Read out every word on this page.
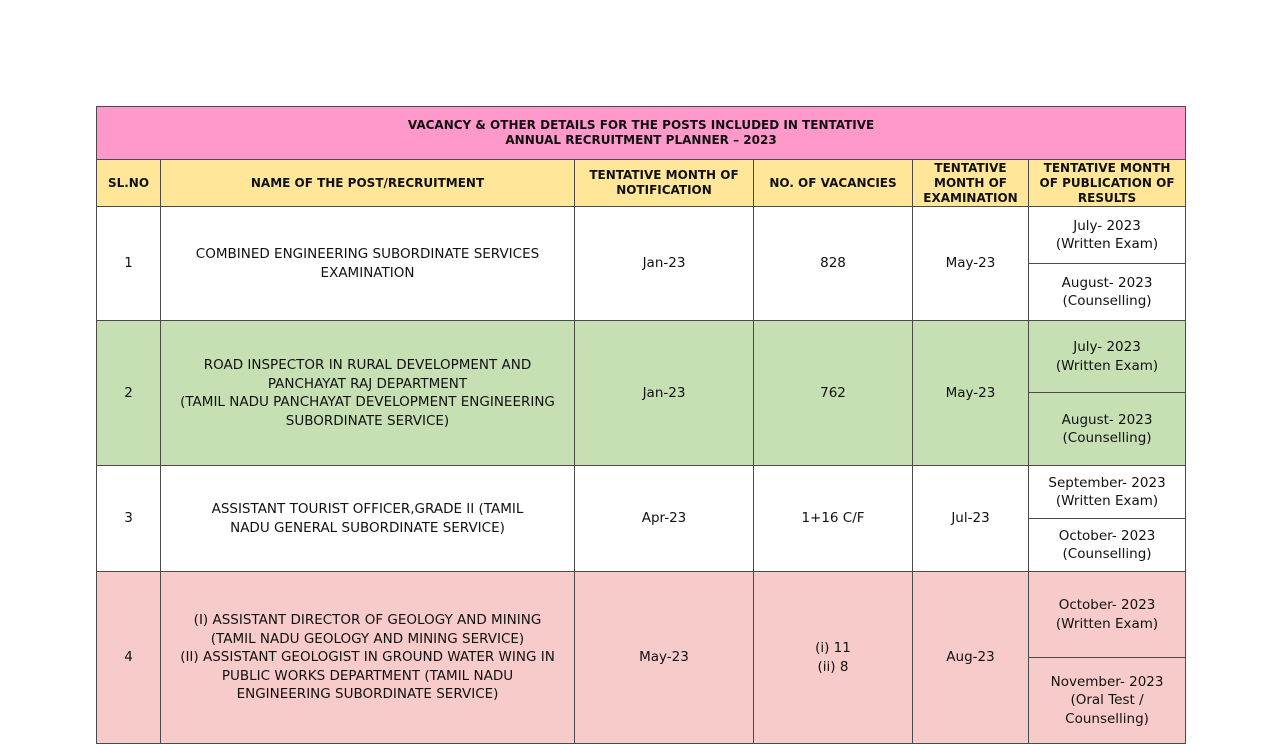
VACANCY & OTHER DETAILS FOR THE POSTS INCLUDED IN TENTATIVE
ANNUAL RECRUITMENT PLANNER – 2023					
SL.NO	NAME OF THE POST/RECRUITMENT	TENTATIVE MONTH OF NOTIFICATION	NO. OF VACANCIES	TENTATIVE MONTH OF EXAMINATION	TENTATIVE MONTH OF PUBLICATION OF RESULTS
1	COMBINED ENGINEERING SUBORDINATE SERVICES
EXAMINATION	Jan-23	828	May-23	July- 2023
(Written Exam)
					August- 2023
(Counselling)
2	ROAD INSPECTOR IN RURAL DEVELOPMENT AND
PANCHAYAT RAJ DEPARTMENT
(TAMIL NADU PANCHAYAT DEVELOPMENT ENGINEERING
SUBORDINATE SERVICE)	Jan-23	762	May-23	July- 2023
(Written Exam)
					August- 2023
(Counselling)
3	ASSISTANT TOURIST OFFICER,GRADE II (TAMIL
NADU GENERAL SUBORDINATE SERVICE)	Apr-23	1+16 C/F	Jul-23	September- 2023
(Written Exam)
					October- 2023
(Counselling)
4	(I) ASSISTANT DIRECTOR OF GEOLOGY AND MINING
(TAMIL NADU GEOLOGY AND MINING SERVICE)
(II) ASSISTANT GEOLOGIST IN GROUND WATER WING IN
PUBLIC WORKS DEPARTMENT (TAMIL NADU
ENGINEERING SUBORDINATE SERVICE)	May-23	(i) 11
(ii) 8	Aug-23	October- 2023
(Written Exam)
					November- 2023
(Oral Test /
Counselling)
